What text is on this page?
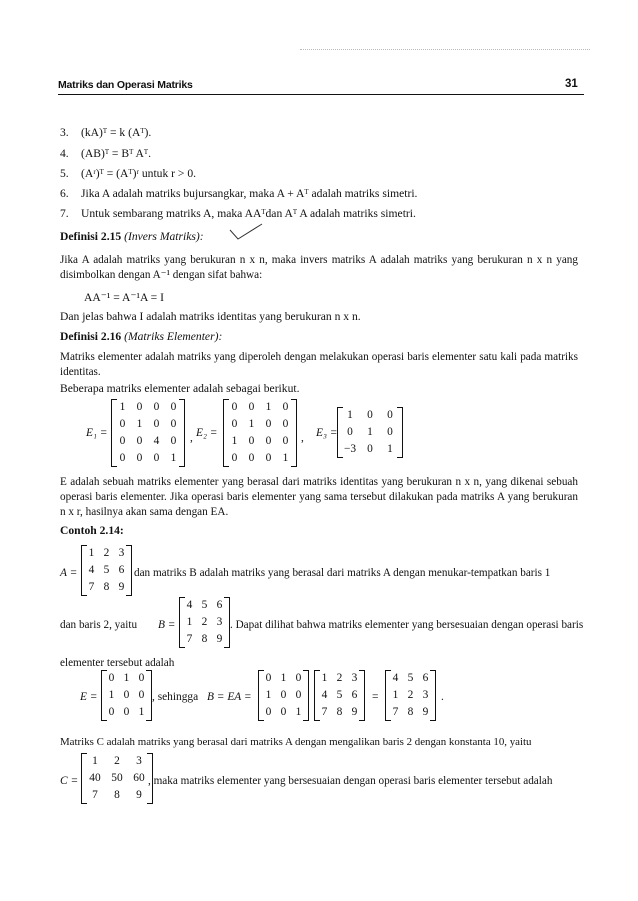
Matriks dan Operasi Matriks	31
3. (kA)ᵀ = k (Aᵀ).
4. (AB)ᵀ = Bᵀ Aᵀ.
5. (Aʳ)ᵀ = (Aᵀ)ʳ untuk r > 0.
6. Jika A adalah matriks bujursangkar, maka A + Aᵀ adalah matriks simetri.
7. Untuk sembarang matriks A, maka AAᵀdan Aᵀ A adalah matriks simetri.
Definisi 2.15 (Invers Matriks):
Jika A adalah matriks yang berukuran n x n, maka invers matriks A adalah matriks yang berukuran n x n yang disimbolkan dengan A⁻¹ dengan sifat bahwa:
AA⁻¹ = A⁻¹A = I
Dan jelas bahwa I adalah matriks identitas yang berukuran n x n.
Definisi 2.16 (Matriks Elementer):
Matriks elementer adalah matriks yang diperoleh dengan melakukan operasi baris elementer satu kali pada matriks identitas.
Beberapa matriks elementer adalah sebagai berikut.
E₁ =
1 0 0 0
0 1 0 0
0 0 4 0
0 0 0 1
, E₂ =
0 0 1 0
0 1 0 0
1 0 0 0
0 0 0 1
, E₃ =
1	0	0
0	1	0
−3 0	1
E adalah sebuah matriks elementer yang berasal dari matriks identitas yang berukuran n x n, yang dikenai sebuah operasi baris elementer. Jika operasi baris elementer yang sama tersebut dilakukan pada matriks A yang berukuran n x r, hasilnya akan sama dengan EA.
Contoh 2.14:
A =
1 2 3
4 5 6
7 8 9
dan matriks B adalah matriks yang berasal dari matriks A dengan menukar-tempatkan baris 1
dan baris 2, yaitu B =
4 5 6
1 2 3
7 8 9
. Dapat dilihat bahwa matriks elementer yang bersesuaian dengan operasi baris
elementer tersebut adalah
E =
0 1 0
1 0 0
0 0 1
, sehingga B = EA =
0 1 0
1 0 0
0 0 1
1 2 3
4 5 6
7 8 9
=
4 5 6
1 2 3
7 8 9
.
Matriks C adalah matriks yang berasal dari matriks A dengan mengalikan baris 2 dengan konstanta 10, yaitu
C =
1	2	3
40 50 60
7	8	9
, maka matriks elementer yang bersesuaian dengan operasi baris elementer tersebut adalah
